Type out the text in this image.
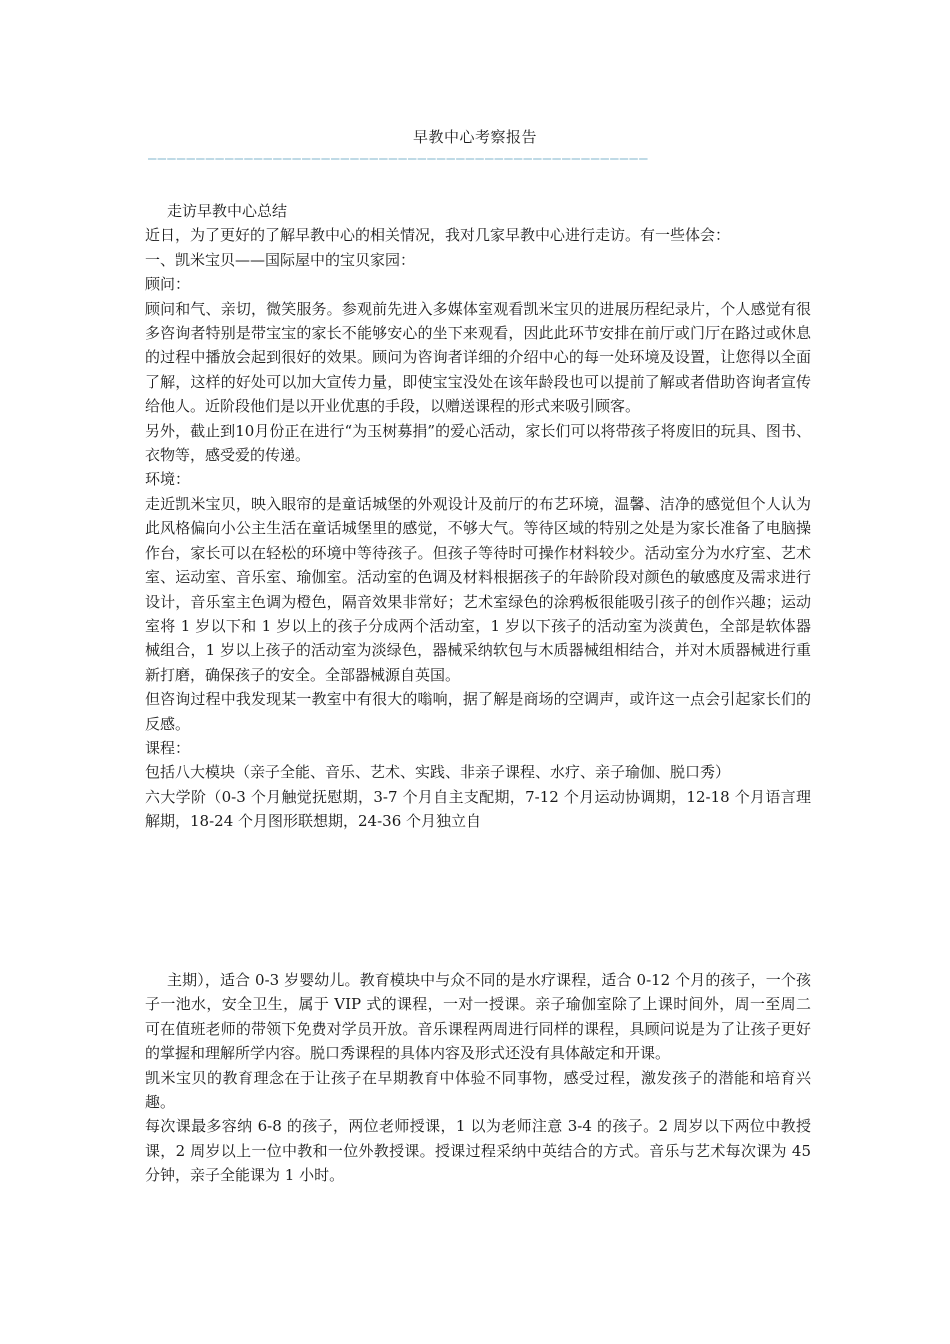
早教中心考察报告
————————————————————————————————————————————————————

走访早教中心总结

近日，为了更好的了解早教中心的相关情况，我对几家早教中心进行走访。有一些体会：

一、凯米宝贝——国际屋中的宝贝家园：

顾问：

顾问和气、亲切，微笑服务。参观前先进入多媒体室观看凯米宝贝的进展历程纪录片，个人感觉有很多咨询者特别是带宝宝的家长不能够安心的坐下来观看，因此此环节安排在前厅或门厅在路过或休息的过程中播放会起到很好的效果。顾问为咨询者详细的介绍中心的每一处环境及设置，让您得以全面了解，这样的好处可以加大宣传力量，即使宝宝没处在该年龄段也可以提前了解或者借助咨询者宣传给他人。近阶段他们是以开业优惠的手段，以赠送课程的形式来吸引顾客。

另外，截止到10月份正在进行“为玉树募捐”的爱心活动，家长们可以将带孩子将废旧的玩具、图书、衣物等，感受爱的传递。

环境：

走近凯米宝贝，映入眼帘的是童话城堡的外观设计及前厅的布艺环境，温馨、洁净的感觉但个人认为此风格偏向小公主生活在童话城堡里的感觉，不够大气。等待区域的特别之处是为家长准备了电脑操作台，家长可以在轻松的环境中等待孩子。但孩子等待时可操作材料较少。活动室分为水疗室、艺术室、运动室、音乐室、瑜伽室。活动室的色调及材料根据孩子的年龄阶段对颜色的敏感度及需求进行设计，音乐室主色调为橙色，隔音效果非常好；艺术室绿色的涂鸦板很能吸引孩子的创作兴趣；运动室将 1 岁以下和 1 岁以上的孩子分成两个活动室，1 岁以下孩子的活动室为淡黄色，全部是软体器械组合，1 岁以上孩子的活动室为淡绿色，器械采纳软包与木质器械组相结合，并对木质器械进行重新打磨，确保孩子的安全。全部器械源自英国。

但咨询过程中我发现某一教室中有很大的嗡响，据了解是商场的空调声，或许这一点会引起家长们的反感。

课程：

包括八大模块（亲子全能、音乐、艺术、实践、非亲子课程、水疗、亲子瑜伽、脱口秀）

六大学阶（0-3 个月触觉抚慰期，3-7 个月自主支配期，7-12 个月运动协调期，12-18 个月语言理解期，18-24 个月图形联想期，24-36 个月独立自

主期），适合 0-3 岁婴幼儿。教育模块中与众不同的是水疗课程，适合 0-12 个月的孩子，一个孩子一池水，安全卫生，属于 VIP 式的课程，一对一授课。亲子瑜伽室除了上课时间外，周一至周二可在值班老师的带领下免费对学员开放。音乐课程两周进行同样的课程，具顾问说是为了让孩子更好的掌握和理解所学内容。脱口秀课程的具体内容及形式还没有具体敲定和开课。

凯米宝贝的教育理念在于让孩子在早期教育中体验不同事物，感受过程，激发孩子的潜能和培育兴趣。

每次课最多容纳 6-8 的孩子，两位老师授课，1 以为老师注意 3-4 的孩子。2 周岁以下两位中教授课，2 周岁以上一位中教和一位外教授课。授课过程采纳中英结合的方式。音乐与艺术每次课为 45 分钟，亲子全能课为 1 小时。
